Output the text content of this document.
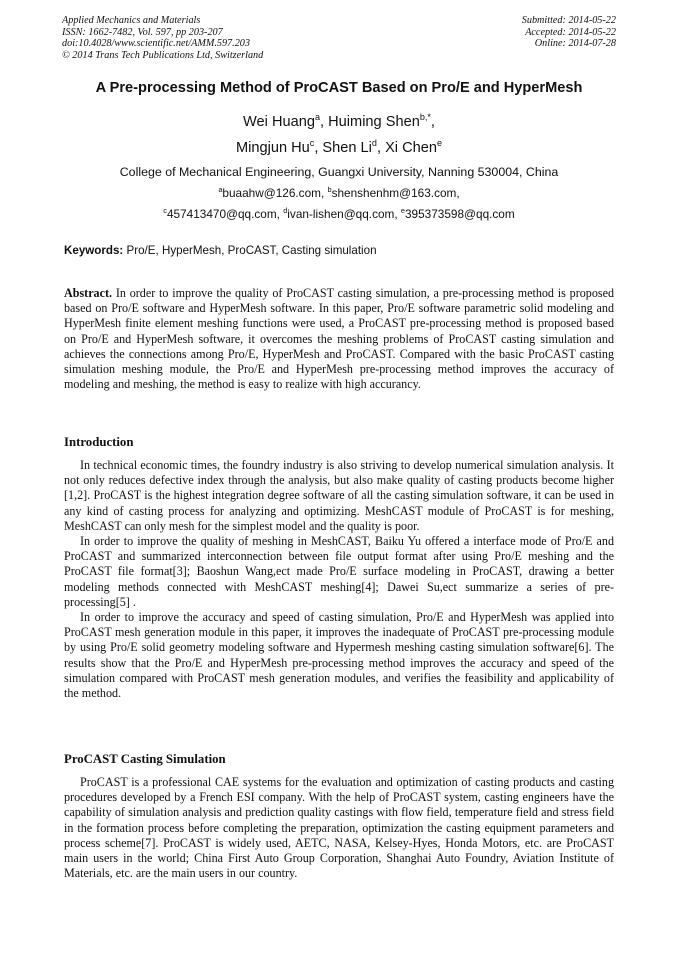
Applied Mechanics and Materials
ISSN: 1662-7482, Vol. 597, pp 203-207
doi:10.4028/www.scientific.net/AMM.597.203
© 2014 Trans Tech Publications Ltd, Switzerland
Submitted: 2014-05-22
Accepted: 2014-05-22
Online: 2014-07-28
A Pre-processing Method of ProCAST Based on Pro/E and HyperMesh
Wei Huang$^a$, Huiming Shen$^{b,*}$,
Mingjun Hu$^c$, Shen Li$^d$, Xi Chen$^e$
College of Mechanical Engineering, Guangxi University, Nanning 530004, China
$^a$buaahw@126.com, $^b$shenshenhm@163.com,
$^c$457413470@qq.com, $^d$ivan-lishen@qq.com, $^e$395373598@qq.com
Keywords: Pro/E, HyperMesh, ProCAST, Casting simulation

Abstract. In order to improve the quality of ProCAST casting simulation, a pre-processing method is proposed based on Pro/E software and HyperMesh software. In this paper, Pro/E software parametric solid modeling and HyperMesh finite element meshing functions were used, a ProCAST pre-processing method is proposed based on Pro/E and HyperMesh software, it overcomes the meshing problems of ProCAST casting simulation and achieves the connections among Pro/E, HyperMesh and ProCAST. Compared with the basic ProCAST casting simulation meshing module, the Pro/E and HyperMesh pre-processing method improves the accuracy of modeling and meshing, the method is easy to realize with high accurancy.

Introduction

In technical economic times, the foundry industry is also striving to develop numerical simulation analysis. It not only reduces defective index through the analysis, but also make quality of casting products become higher [1,2]. ProCAST is the highest integration degree software of all the casting simulation software, it can be used in any kind of casting process for analyzing and optimizing. MeshCAST module of ProCAST is for meshing, MeshCAST can only mesh for the simplest model and the quality is poor.

In order to improve the quality of meshing in MeshCAST, Baiku Yu offered a interface mode of Pro/E and ProCAST and summarized interconnection between file output format after using Pro/E meshing and the ProCAST file format[3]; Baoshun Wang,ect made Pro/E surface modeling in ProCAST, drawing a better modeling methods connected with MeshCAST meshing[4]; Dawei Su,ect summarize a series of pre-processing[5] .

In order to improve the accuracy and speed of casting simulation, Pro/E and HyperMesh was applied into ProCAST mesh generation module in this paper, it improves the inadequate of ProCAST pre-processing module by using Pro/E solid geometry modeling software and Hypermesh meshing casting simulation software[6]. The results show that the Pro/E and HyperMesh pre-processing method improves the accuracy and speed of the simulation compared with ProCAST mesh generation modules, and verifies the feasibility and applicability of the method.

ProCAST Casting Simulation

ProCAST is a professional CAE systems for the evaluation and optimization of casting products and casting procedures developed by a French ESI company. With the help of ProCAST system, casting engineers have the capability of simulation analysis and prediction quality castings with flow field, temperature field and stress field in the formation process before completing the preparation, optimization the casting equipment parameters and process scheme[7]. ProCAST is widely used, AETC, NASA, Kelsey-Hyes, Honda Motors, etc. are ProCAST main users in the world; China First Auto Group Corporation, Shanghai Auto Foundry, Aviation Institute of Materials, etc. are the main users in our country.
